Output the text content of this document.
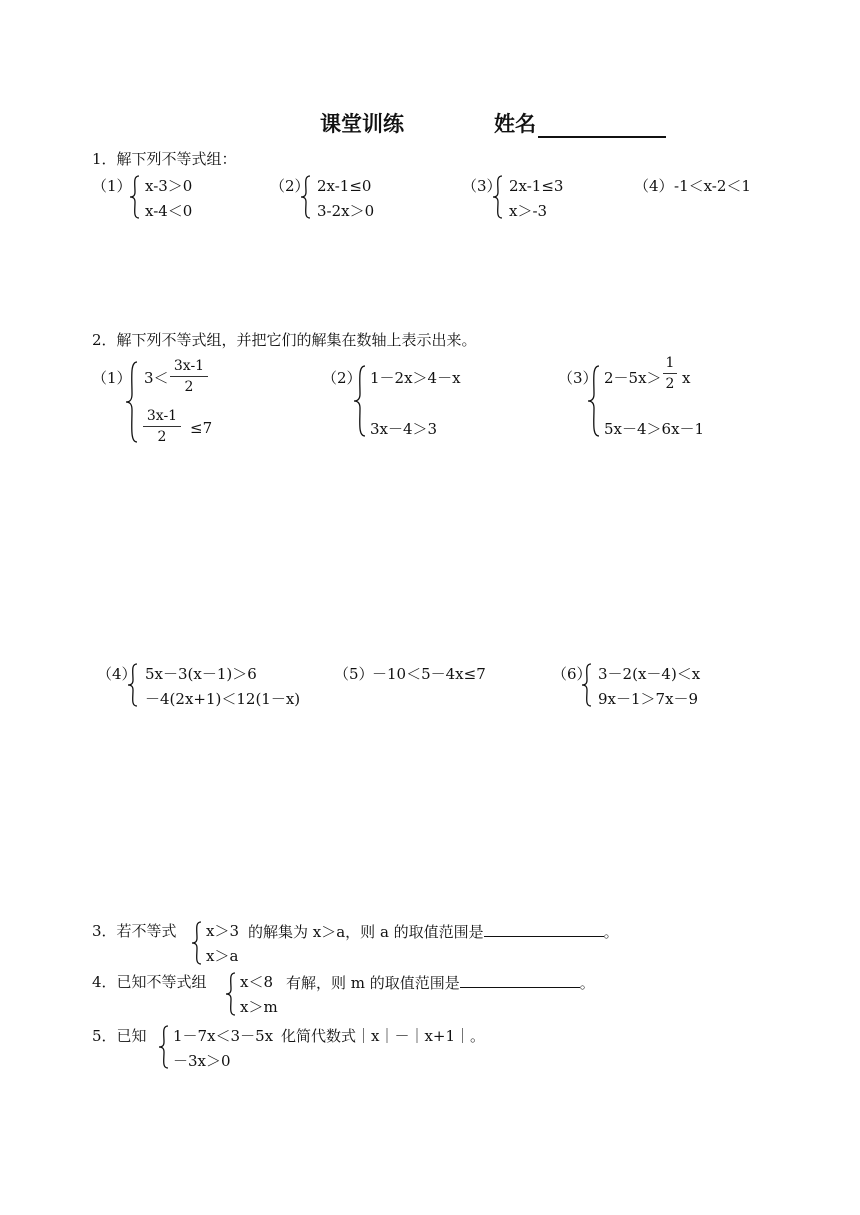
课堂训练	姓名
1．解下列不等式组：
（1） x-3＞0
x-4＜0
（2） 2x-1≤0
3-2x＞0
（3） 2x-1≤3
x＞-3
（4） -1＜x-2＜1
2．解下列不等式组，并把它们的解集在数轴上表示出来。
（1） 3＜
3x-1
2
3x-1
2	≤7
（2） 1－2x＞4－x
3x－4＞3
（3） 2－5x＞
1
2 x
5x－4＞6x－1
（4） 5x－3(x－1)＞6
－4(2x+1)＜12(1－x)
（5）
－10＜5－4x≤7	（6） 3－2(x－4)＜x
9x－1＞7x－9
3．若不等式 x＞3
x＞a
的解集为 x＞a，则 a 的取值范围是	。
4．已知不等式组 x＜8
x＞m
有解，则 m 的取值范围是	。
5．已知 1－7x＜3－5x
－3x＞0
化简代数式｜x｜－｜x+1｜。
